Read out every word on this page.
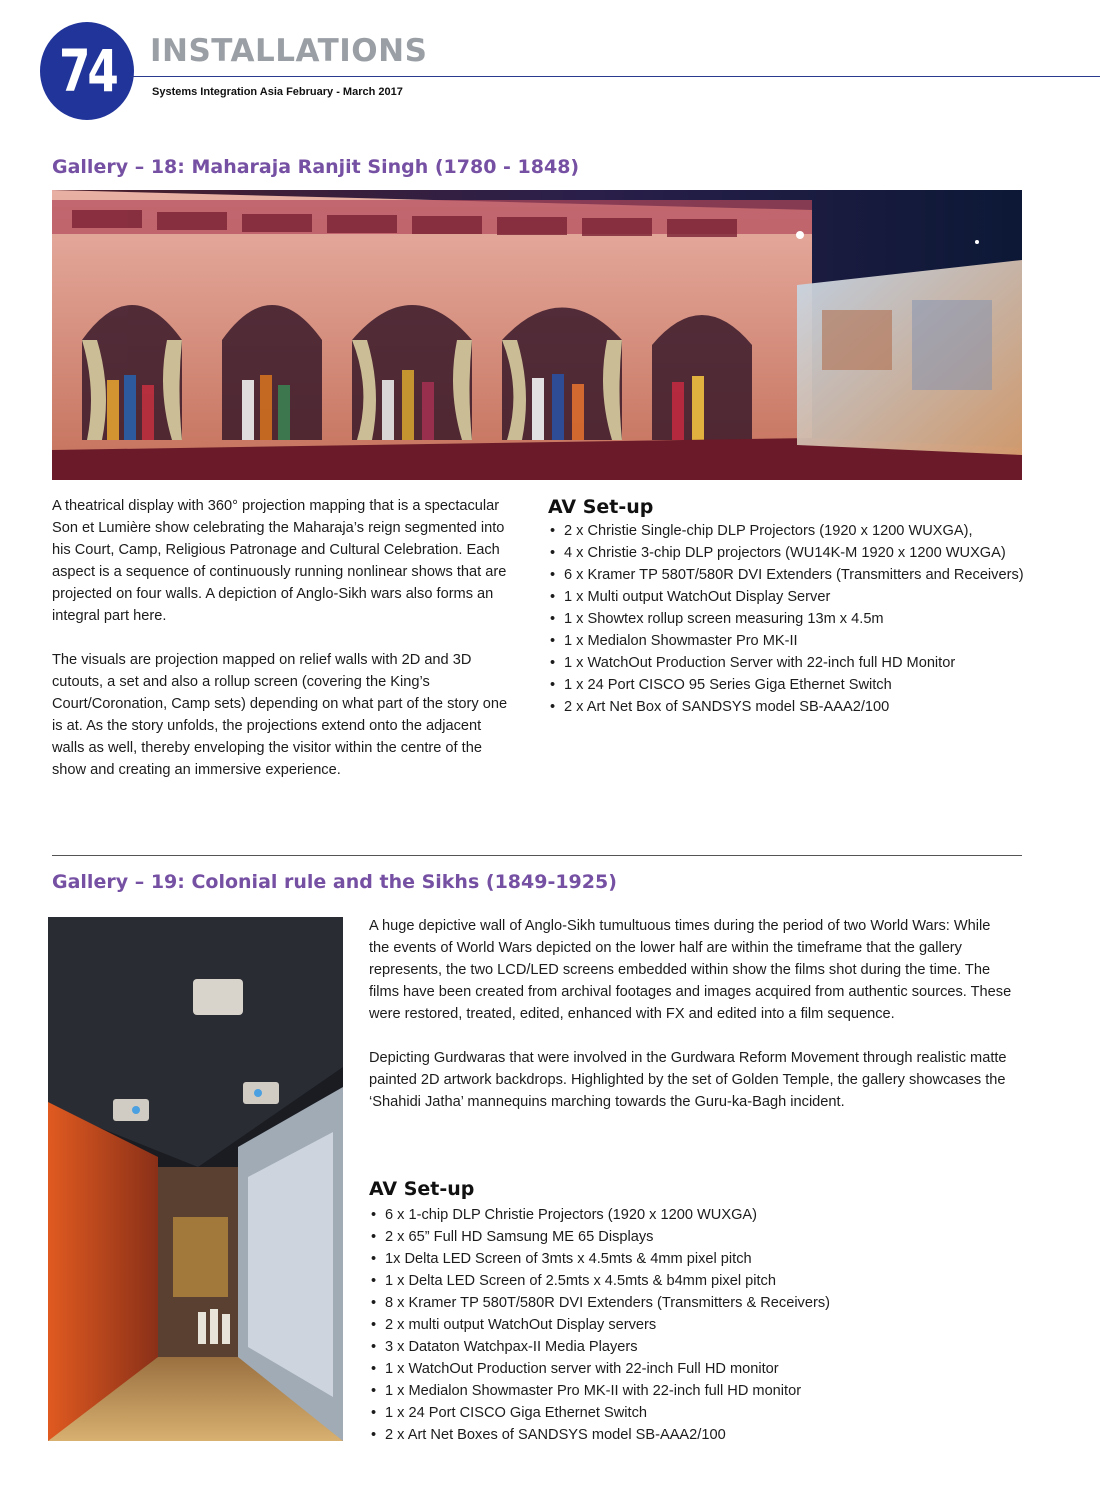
74 INSTALLATIONS

Systems Integration Asia February - March 2017

Gallery – 18: Maharaja Ranjit Singh (1780 - 1848)

A theatrical display with 360° projection mapping that is a spectacular Son et Lumière show celebrating the Maharaja’s reign segmented into his Court, Camp, Religious Patronage and Cultural Celebration. Each aspect is a sequence of continuously running nonlinear shows that are projected on four walls. A depiction of Anglo-Sikh wars also forms an integral part here.

The visuals are projection mapped on relief walls with 2D and 3D cutouts, a set and also a rollup screen (covering the King’s Court/Coronation, Camp sets) depending on what part of the story one is at. As the story unfolds, the projections extend onto the adjacent walls as well, thereby enveloping the visitor within the centre of the show and creating an immersive experience.

AV Set-up
• 2 x Christie Single-chip DLP Projectors (1920 x 1200 WUXGA),
• 4 x Christie 3-chip DLP projectors (WU14K-M 1920 x 1200 WUXGA)
• 6 x Kramer TP 580T/580R DVI Extenders (Transmitters and Receivers)
• 1 x Multi output WatchOut Display Server
• 1 x Showtex rollup screen measuring 13m x 4.5m
• 1 x Medialon Showmaster Pro MK-II
• 1 x WatchOut Production Server with 22-inch full HD Monitor
• 1 x 24 Port CISCO 95 Series Giga Ethernet Switch
• 2 x Art Net Box of SANDSYS model SB-AAA2/100
Gallery – 19: Colonial rule and the Sikhs (1849-1925)

A huge depictive wall of Anglo-Sikh tumultuous times during the period of two World Wars: While the events of World Wars depicted on the lower half are within the timeframe that the gallery represents, the two LCD/LED screens embedded within show the films shot during the time. The films have been created from archival footages and images acquired from authentic sources. These were restored, treated, edited, enhanced with FX and edited into a film sequence.

Depicting Gurdwaras that were involved in the Gurdwara Reform Movement through realistic matte painted 2D artwork backdrops. Highlighted by the set of Golden Temple, the gallery showcases the ‘Shahidi Jatha’ mannequins marching towards the Guru-ka-Bagh incident.

AV Set-up
• 6 x 1-chip DLP Christie Projectors (1920 x 1200 WUXGA)
• 2 x 65” Full HD Samsung ME 65 Displays
• 1x Delta LED Screen of 3mts x 4.5mts & 4mm pixel pitch
• 1 x Delta LED Screen of 2.5mts x 4.5mts & b4mm pixel pitch
• 8 x Kramer TP 580T/580R DVI Extenders (Transmitters & Receivers)
• 2 x multi output WatchOut Display servers
• 3 x Dataton Watchpax-II Media Players
• 1 x WatchOut Production server with 22-inch Full HD monitor
• 1 x Medialon Showmaster Pro MK-II with 22-inch full HD monitor
• 1 x 24 Port CISCO Giga Ethernet Switch
• 2 x Art Net Boxes of SANDSYS model SB-AAA2/100
